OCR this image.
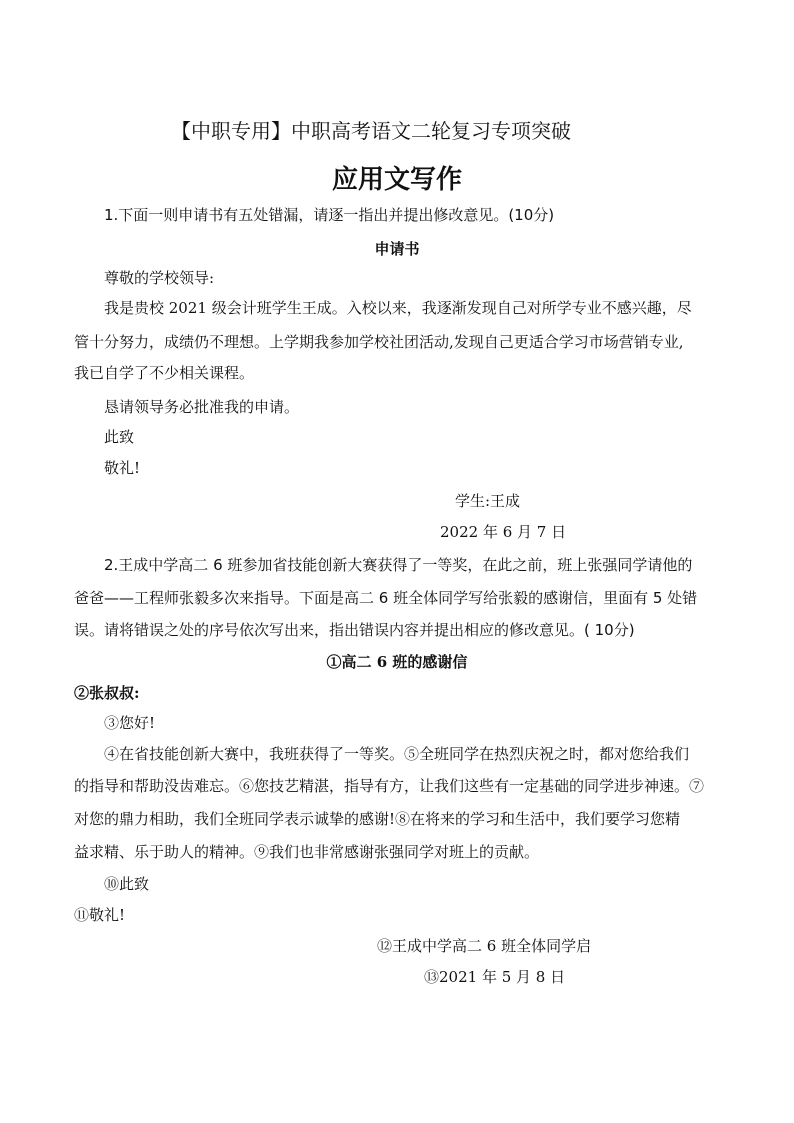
【中职专用】中职高考语文二轮复习专项突破
应用文写作
1.下面一则申请书有五处错漏，请逐一指出并提出修改意见。(10分)
申请书
尊敬的学校领导:
我是贵校 2021 级会计班学生王成。入校以来，我逐渐发现自己对所学专业不感兴趣，尽
管十分努力，成绩仍不理想。上学期我参加学校社团活动,发现自己更适合学习市场营销专业,
我已自学了不少相关课程。
恳请领导务必批准我的申请。
此致
敬礼!
学生:王成
2022 年 6 月 7 日
2.王成中学高二 6 班参加省技能创新大赛获得了一等奖，在此之前，班上张强同学请他的
爸爸——工程师张毅多次来指导。下面是高二 6 班全体同学写给张毅的感谢信，里面有 5 处错
误。请将错误之处的序号依次写出来，指出错误内容并提出相应的修改意见。( 10分)
①高二 6 班的感谢信
②张叔叔:
③您好!
④在省技能创新大赛中，我班获得了一等奖。⑤全班同学在热烈庆祝之时，都对您给我们
的指导和帮助没齿难忘。⑥您技艺精湛，指导有方，让我们这些有一定基础的同学进步神速。⑦
对您的鼎力相助，我们全班同学表示诚挚的感谢!⑧在将来的学习和生活中，我们要学习您精
益求精、乐于助人的精神。⑨我们也非常感谢张强同学对班上的贡献。
⑩此致
⑪敬礼!
⑫王成中学高二 6 班全体同学启
⑬2021 年 5 月 8 日
